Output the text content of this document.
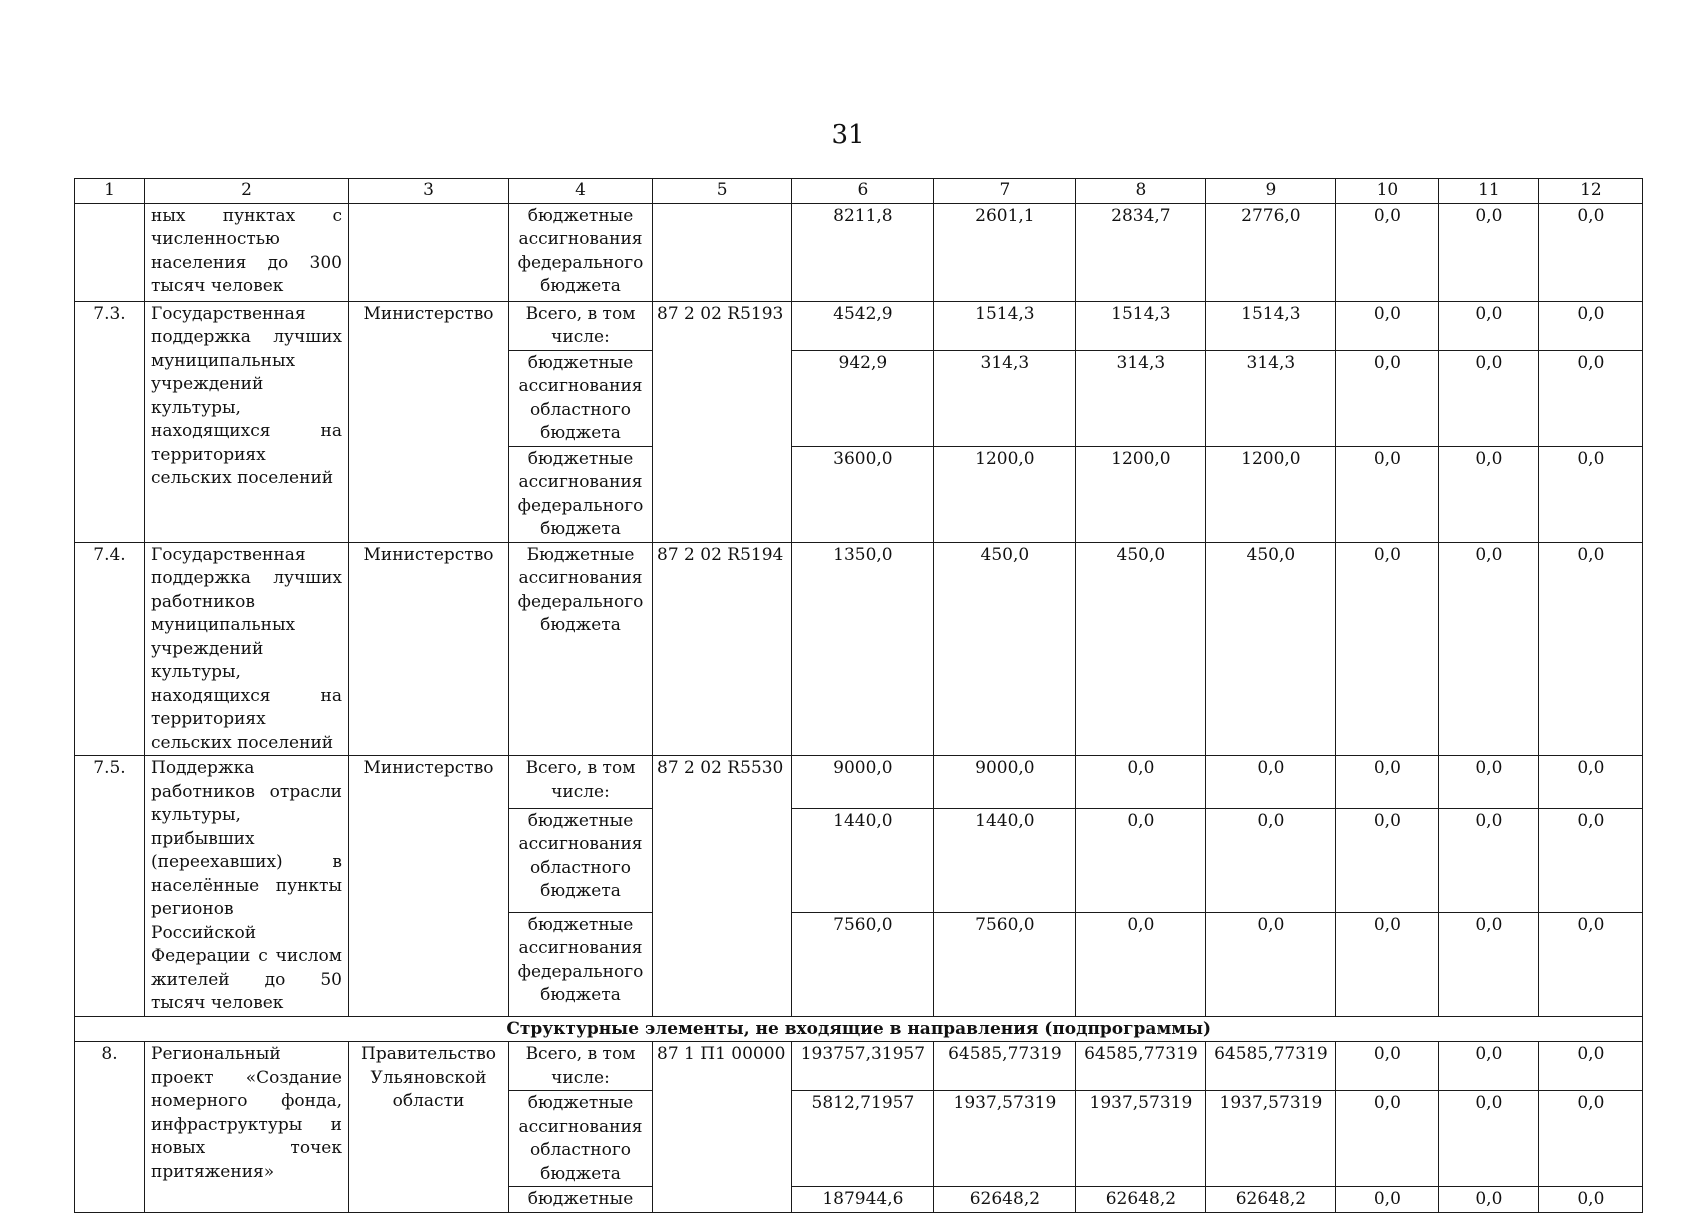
31
1	2	3	4	5	6	7	8	9	10	11	12
	ных пунктах с численностью населения до 300 тысяч человек		бюджетные ассигнования федерального бюджета		8211,8	2601,1	2834,7	2776,0	0,0	0,0	0,0
7.3.	Государственная поддержка лучших муниципальных учреждений культуры, находящихся на территориях сельских поселений	Министерство	Всего, в том числе:	87 2 02 R5193	4542,9	1514,3	1514,3	1514,3	0,0	0,0	0,0
			бюджетные ассигнования областного бюджета		942,9	314,3	314,3	314,3	0,0	0,0	0,0
			бюджетные ассигнования федерального бюджета		3600,0	1200,0	1200,0	1200,0	0,0	0,0	0,0
7.4.	Государственная поддержка лучших работников муниципальных учреждений культуры, находящихся на территориях сельских поселений	Министерство	Бюджетные ассигнования федерального бюджета	87 2 02 R5194	1350,0	450,0	450,0	450,0	0,0	0,0	0,0
7.5.	Поддержка работников отрасли культуры, прибывших (переехавших) в населённые пункты регионов Российской Федерации с числом жителей до 50 тысяч человек	Министерство	Всего, в том числе:	87 2 02 R5530	9000,0	9000,0	0,0	0,0	0,0	0,0	0,0
			бюджетные ассигнования областного бюджета		1440,0	1440,0	0,0	0,0	0,0	0,0	0,0
			бюджетные ассигнования федерального бюджета		7560,0	7560,0	0,0	0,0	0,0	0,0	0,0
Структурные элементы, не входящие в направления (подпрограммы)											
8.	Региональный проект «Создание номерного фонда, инфраструктуры и новых точек притяжения»	Правительство Ульяновской области	Всего, в том числе:	87 1 П1 00000	193757,31957	64585,77319	64585,77319	64585,77319	0,0	0,0	0,0
			бюджетные ассигнования областного бюджета		5812,71957	1937,57319	1937,57319	1937,57319	0,0	0,0	0,0
			бюджетные		187944,6	62648,2	62648,2	62648,2	0,0	0,0	0,0
